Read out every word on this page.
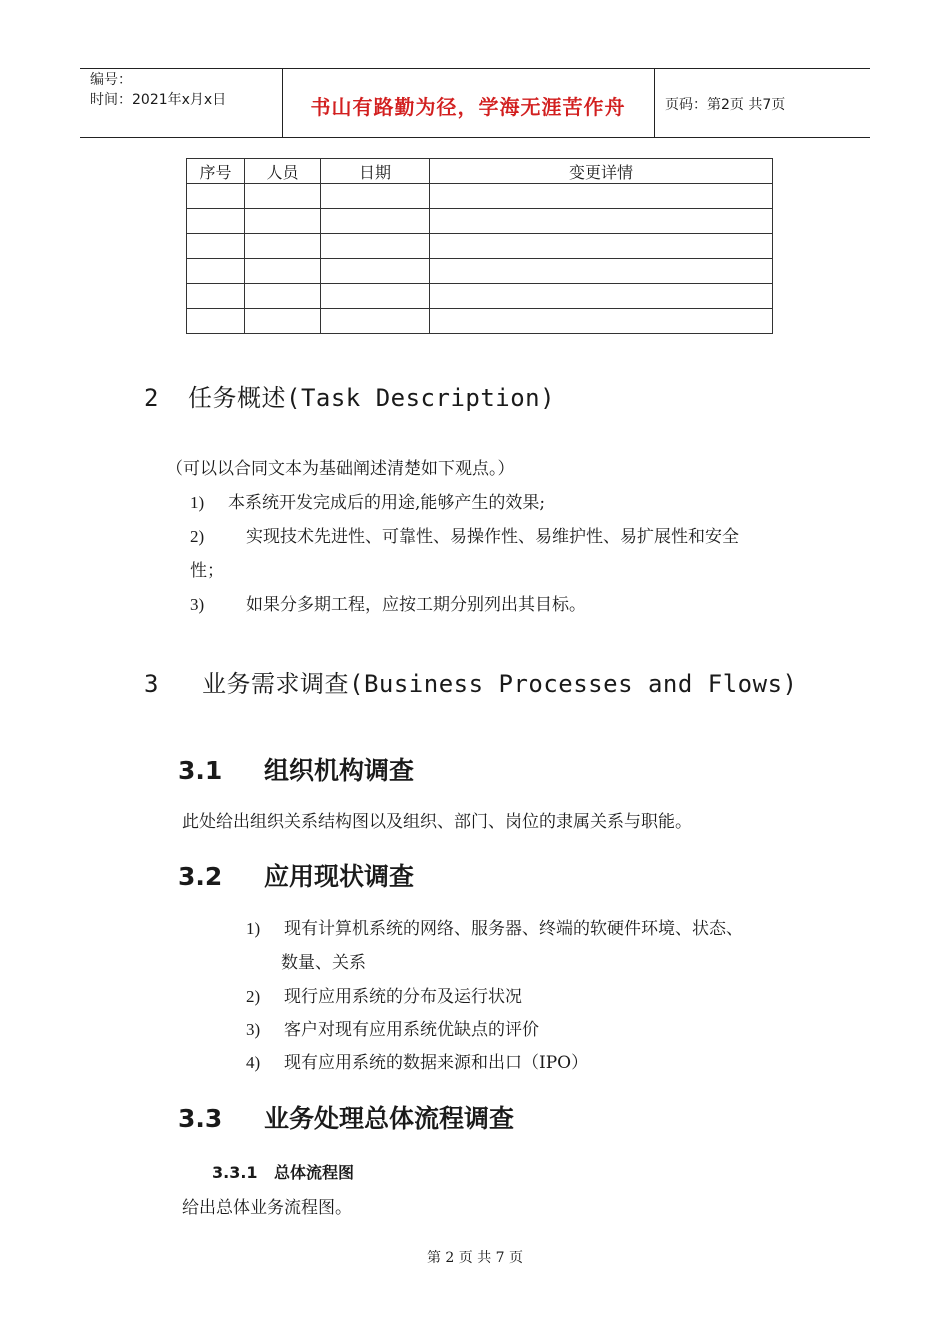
编号：
时间：2021年x月x日	书山有路勤为径，学海无涯苦作舟	页码：第2页 共7页
序号	人员	日期	变更详情

2 任务概述(Task Description)
（可以以合同文本为基础阐述清楚如下观点。）
1) 本系统开发完成后的用途,能够产生的效果;
2) 实现技术先进性、可靠性、易操作性、易维护性、易扩展性和安全
性；
3) 如果分多期工程，应按工期分别列出其目标。
3 业务需求调查(Business Processes and Flows)
3.1 组织机构调查
此处给出组织关系结构图以及组织、部门、岗位的隶属关系与职能。
3.2 应用现状调查
1) 现有计算机系统的网络、服务器、终端的软硬件环境、状态、
数量、关系
2) 现行应用系统的分布及运行状况
3) 客户对现有应用系统优缺点的评价
4) 现有应用系统的数据来源和出口（IPO）
3.3 业务处理总体流程调查
3.3.1 总体流程图
给出总体业务流程图。
第 2 页 共 7 页
